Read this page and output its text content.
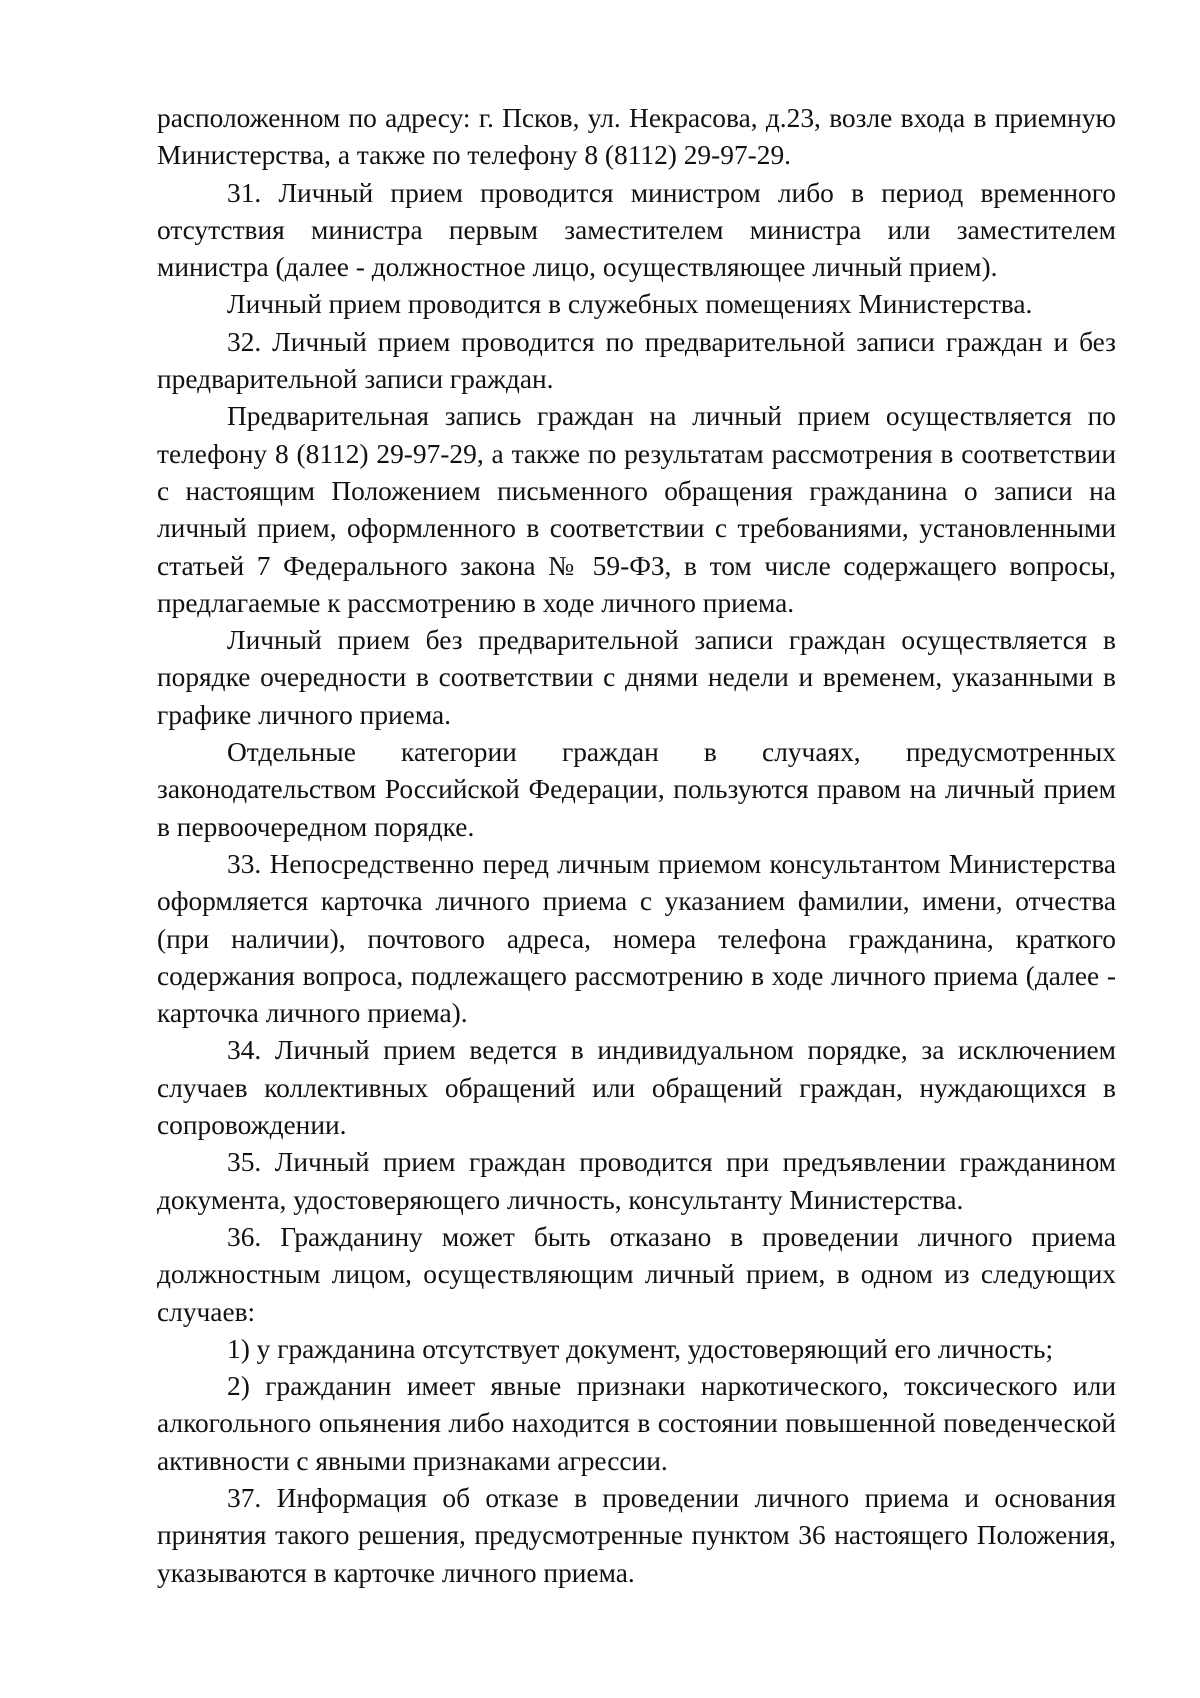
расположенном по адресу: г. Псков, ул. Некрасова, д.23, возле входа в приемную Министерства, а также по телефону 8 (8112) 29-97-29.

31. Личный прием проводится министром либо в период временного отсутствия министра первым заместителем министра или заместителем министра (далее - должностное лицо, осуществляющее личный прием).

Личный прием проводится в служебных помещениях Министерства.

32. Личный прием проводится по предварительной записи граждан и без предварительной записи граждан.

Предварительная запись граждан на личный прием осуществляется по телефону 8 (8112) 29-97-29, а также по результатам рассмотрения в соответствии с настоящим Положением письменного обращения гражданина о записи на личный прием, оформленного в соответствии с требованиями, установленными статьей 7 Федерального закона № 59-ФЗ, в том числе содержащего вопросы, предлагаемые к рассмотрению в ходе личного приема.

Личный прием без предварительной записи граждан осуществляется в порядке очередности в соответствии с днями недели и временем, указанными в графике личного приема.

Отдельные категории граждан в случаях, предусмотренных законодательством Российской Федерации, пользуются правом на личный прием в первоочередном порядке.

33. Непосредственно перед личным приемом консультантом Министерства оформляется карточка личного приема с указанием фамилии, имени, отчества (при наличии), почтового адреса, номера телефона гражданина, краткого содержания вопроса, подлежащего рассмотрению в ходе личного приема (далее - карточка личного приема).

34. Личный прием ведется в индивидуальном порядке, за исключением случаев коллективных обращений или обращений граждан, нуждающихся в сопровождении.

35. Личный прием граждан проводится при предъявлении гражданином документа, удостоверяющего личность, консультанту Министерства.

36. Гражданину может быть отказано в проведении личного приема должностным лицом, осуществляющим личный прием, в одном из следующих случаев:

1) у гражданина отсутствует документ, удостоверяющий его личность;

2) гражданин имеет явные признаки наркотического, токсического или алкогольного опьянения либо находится в состоянии повышенной поведенческой активности с явными признаками агрессии.

37. Информация об отказе в проведении личного приема и основания принятия такого решения, предусмотренные пунктом 36 настоящего Положения, указываются в карточке личного приема.
